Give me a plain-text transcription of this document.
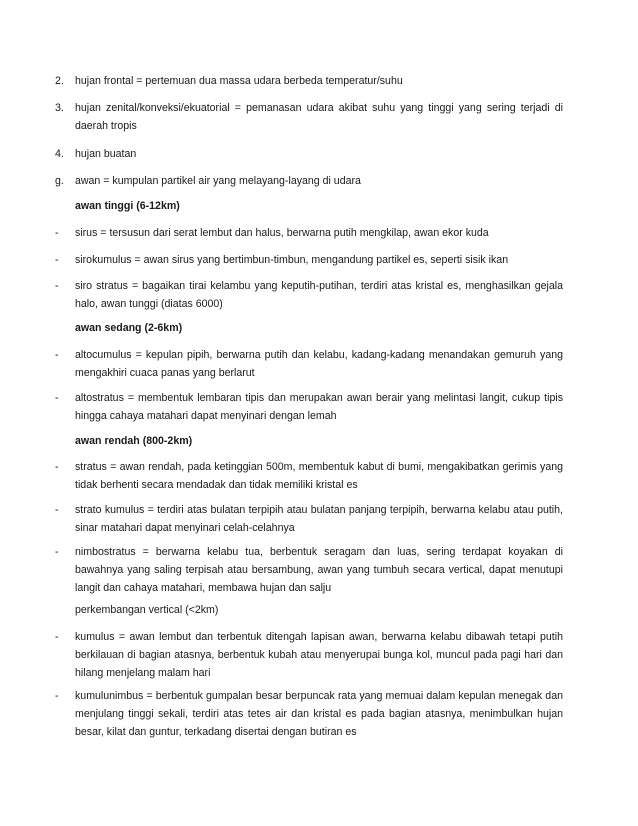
2.	hujan frontal = pertemuan dua massa udara berbeda temperatur/suhu
3.	hujan zenital/konveksi/ekuatorial = pemanasan udara akibat suhu yang tinggi yang sering terjadi di daerah tropis
4.	hujan buatan
g.	awan = kumpulan partikel air yang melayang-layang di udara
awan tinggi (6-12km)
-	sirus = tersusun dari serat lembut dan halus, berwarna putih mengkilap, awan ekor kuda
-	sirokumulus = awan sirus yang bertimbun-timbun, mengandung partikel es, seperti sisik ikan
-	siro stratus = bagaikan tirai kelambu yang keputih-putihan, terdiri atas kristal es, menghasilkan gejala halo, awan tunggi (diatas 6000)
awan sedang (2-6km)
-	altocumulus = kepulan pipih, berwarna putih dan kelabu, kadang-kadang menandakan gemuruh yang mengakhiri cuaca panas yang berlarut
-	altostratus = membentuk lembaran tipis dan merupakan awan berair yang melintasi langit, cukup tipis hingga cahaya matahari dapat menyinari dengan lemah
awan rendah (800-2km)
-	stratus = awan rendah, pada ketinggian 500m, membentuk kabut di bumi, mengakibatkan gerimis yang tidak berhenti secara mendadak dan tidak memiliki kristal es
-	strato kumulus = terdiri atas bulatan terpipih atau bulatan panjang terpipih, berwarna kelabu atau putih, sinar matahari dapat menyinari celah-celahnya
-	nimbostratus = berwarna kelabu tua, berbentuk seragam dan luas, sering terdapat koyakan di bawahnya yang saling terpisah atau bersambung, awan yang tumbuh secara vertical, dapat menutupi langit dan cahaya matahari, membawa hujan dan salju
perkembangan vertical (<2km)
-	kumulus = awan lembut dan terbentuk ditengah lapisan awan, berwarna kelabu dibawah tetapi putih berkilauan di bagian atasnya, berbentuk kubah atau menyerupai bunga kol, muncul pada pagi hari dan hilang menjelang malam hari
-	kumulunimbus = berbentuk gumpalan besar berpuncak rata yang memuai dalam kepulan menegak dan menjulang tinggi sekali, terdiri atas tetes air dan kristal es pada bagian atasnya, menimbulkan hujan besar, kilat dan guntur, terkadang disertai dengan butiran es
